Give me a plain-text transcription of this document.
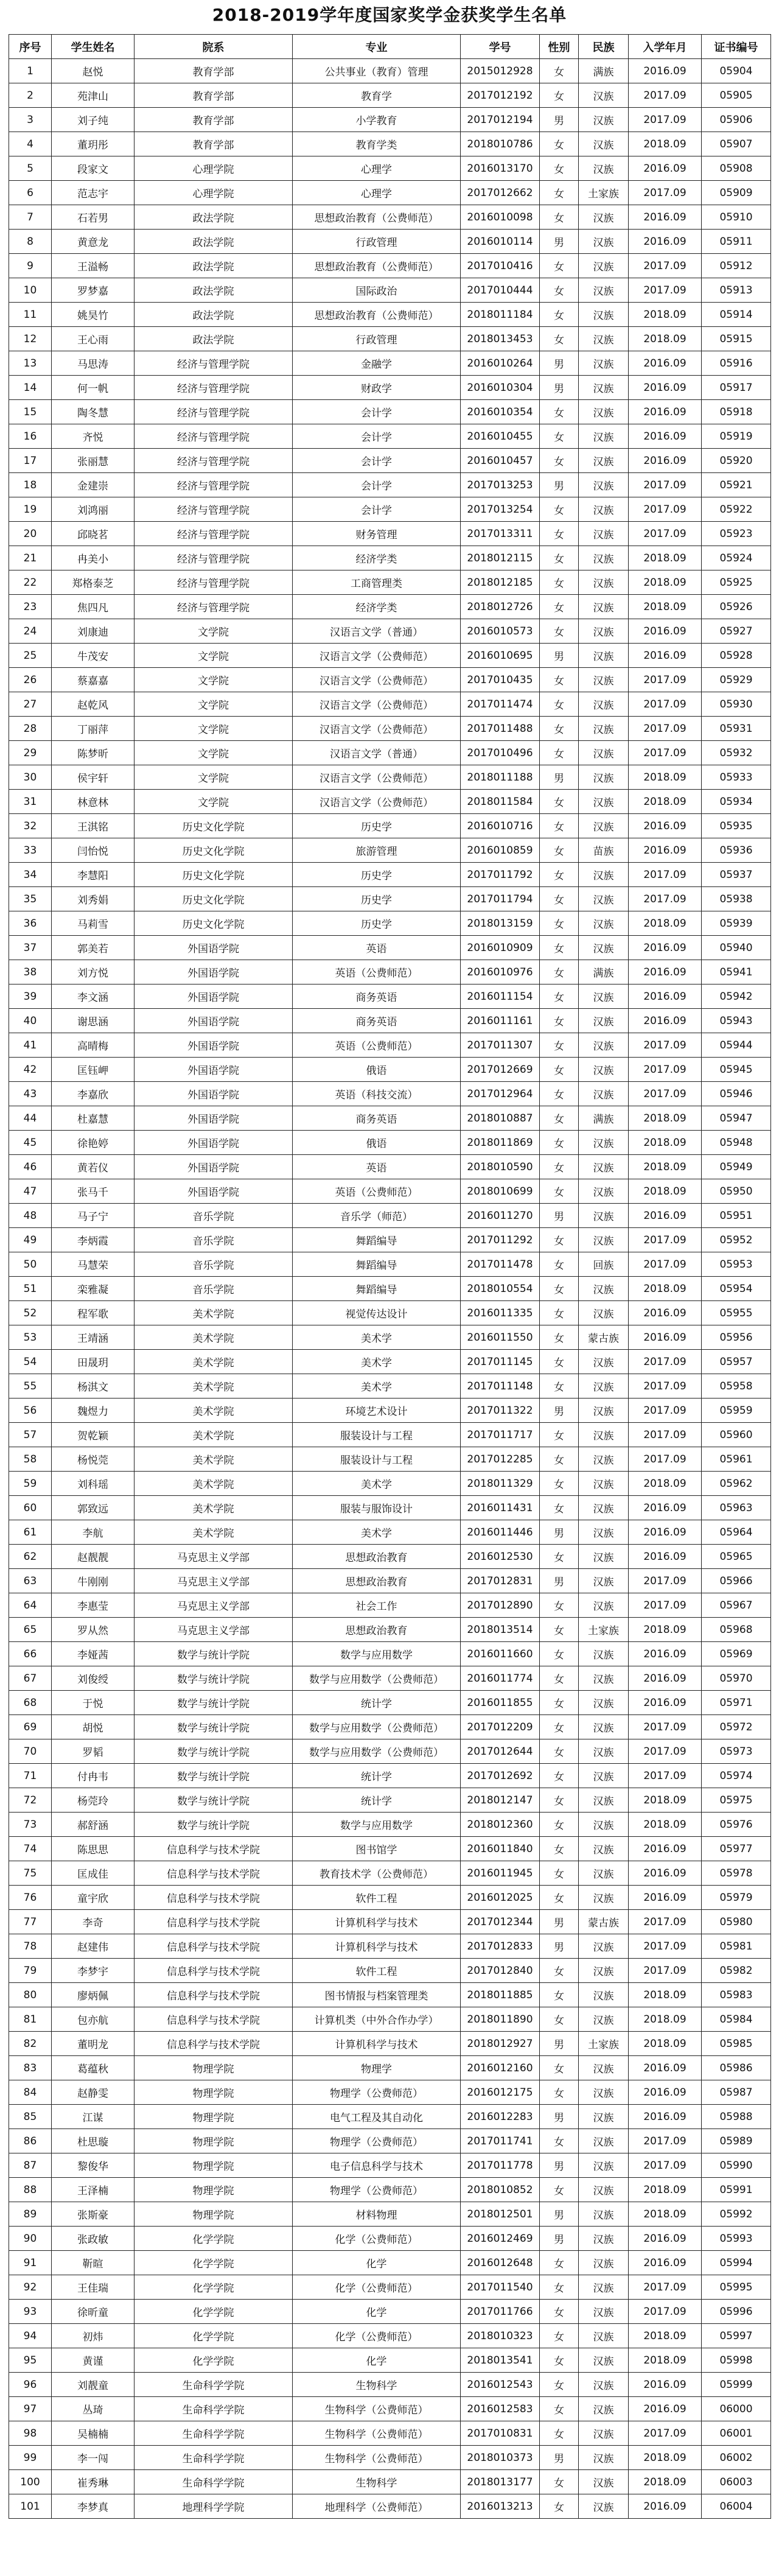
2018-2019学年度国家奖学金获奖学生名单
序号	学生姓名	院系	专业	学号	性别	民族	入学年月	证书编号
1	赵悦	教育学部	公共事业（教育）管理	2015012928	女	满族	2016.09	05904
2	苑津山	教育学部	教育学	2017012192	女	汉族	2017.09	05905
3	刘子纯	教育学部	小学教育	2017012194	男	汉族	2017.09	05906
4	董玥彤	教育学部	教育学类	2018010786	女	汉族	2018.09	05907
5	段家文	心理学院	心理学	2016013170	女	汉族	2016.09	05908
6	范志宇	心理学院	心理学	2017012662	女	土家族	2017.09	05909
7	石若男	政法学院	思想政治教育（公费师范）	2016010098	女	汉族	2016.09	05910
8	黄意龙	政法学院	行政管理	2016010114	男	汉族	2016.09	05911
9	王溢畅	政法学院	思想政治教育（公费师范）	2017010416	女	汉族	2017.09	05912
10	罗梦嘉	政法学院	国际政治	2017010444	女	汉族	2017.09	05913
11	姚昊竹	政法学院	思想政治教育（公费师范）	2018011184	女	汉族	2018.09	05914
12	王心雨	政法学院	行政管理	2018013453	女	汉族	2018.09	05915
13	马思涛	经济与管理学院	金融学	2016010264	男	汉族	2016.09	05916
14	何一帆	经济与管理学院	财政学	2016010304	男	汉族	2016.09	05917
15	陶冬慧	经济与管理学院	会计学	2016010354	女	汉族	2016.09	05918
16	齐悦	经济与管理学院	会计学	2016010455	女	汉族	2016.09	05919
17	张丽慧	经济与管理学院	会计学	2016010457	女	汉族	2016.09	05920
18	金建崇	经济与管理学院	会计学	2017013253	男	汉族	2017.09	05921
19	刘鸿丽	经济与管理学院	会计学	2017013254	女	汉族	2017.09	05922
20	邱晓茗	经济与管理学院	财务管理	2017013311	女	汉族	2017.09	05923
21	冉美小	经济与管理学院	经济学类	2018012115	女	汉族	2018.09	05924
22	郑格泰芝	经济与管理学院	工商管理类	2018012185	女	汉族	2018.09	05925
23	焦四凡	经济与管理学院	经济学类	2018012726	女	汉族	2018.09	05926
24	刘康迪	文学院	汉语言文学（普通）	2016010573	女	汉族	2016.09	05927
25	牛茂安	文学院	汉语言文学（公费师范）	2016010695	男	汉族	2016.09	05928
26	蔡嘉嘉	文学院	汉语言文学（公费师范）	2017010435	女	汉族	2017.09	05929
27	赵乾风	文学院	汉语言文学（公费师范）	2017011474	女	汉族	2017.09	05930
28	丁丽萍	文学院	汉语言文学（公费师范）	2017011488	女	汉族	2017.09	05931
29	陈梦昕	文学院	汉语言文学（普通）	2017010496	女	汉族	2017.09	05932
30	侯宇轩	文学院	汉语言文学（公费师范）	2018011188	男	汉族	2018.09	05933
31	林意林	文学院	汉语言文学（公费师范）	2018011584	女	汉族	2018.09	05934
32	王淇铭	历史文化学院	历史学	2016010716	女	汉族	2016.09	05935
33	闫怡悦	历史文化学院	旅游管理	2016010859	女	苗族	2016.09	05936
34	李慧阳	历史文化学院	历史学	2017011792	女	汉族	2017.09	05937
35	刘秀娟	历史文化学院	历史学	2017011794	女	汉族	2017.09	05938
36	马莉雪	历史文化学院	历史学	2018013159	女	汉族	2018.09	05939
37	郭美若	外国语学院	英语	2016010909	女	汉族	2016.09	05940
38	刘方悦	外国语学院	英语（公费师范）	2016010976	女	满族	2016.09	05941
39	李文涵	外国语学院	商务英语	2016011154	女	汉族	2016.09	05942
40	谢思涵	外国语学院	商务英语	2016011161	女	汉族	2016.09	05943
41	高晴梅	外国语学院	英语（公费师范）	2017011307	女	汉族	2017.09	05944
42	匡钰岬	外国语学院	俄语	2017012669	女	汉族	2017.09	05945
43	李嘉欣	外国语学院	英语（科技交流）	2017012964	女	汉族	2017.09	05946
44	杜嘉慧	外国语学院	商务英语	2018010887	女	满族	2018.09	05947
45	徐艳婷	外国语学院	俄语	2018011869	女	汉族	2018.09	05948
46	黄若仪	外国语学院	英语	2018010590	女	汉族	2018.09	05949
47	张马千	外国语学院	英语（公费师范）	2018010699	女	汉族	2018.09	05950
48	马子宁	音乐学院	音乐学（师范）	2016011270	男	汉族	2016.09	05951
49	李炳霞	音乐学院	舞蹈编导	2017011292	女	汉族	2017.09	05952
50	马慧荣	音乐学院	舞蹈编导	2017011478	女	回族	2017.09	05953
51	栾雅凝	音乐学院	舞蹈编导	2018010554	女	汉族	2018.09	05954
52	程军歌	美术学院	视觉传达设计	2016011335	女	汉族	2016.09	05955
53	王靖涵	美术学院	美术学	2016011550	女	蒙古族	2016.09	05956
54	田晟玥	美术学院	美术学	2017011145	女	汉族	2017.09	05957
55	杨淇文	美术学院	美术学	2017011148	女	汉族	2017.09	05958
56	魏煜力	美术学院	环境艺术设计	2017011322	男	汉族	2017.09	05959
57	贺乾颖	美术学院	服装设计与工程	2017011717	女	汉族	2017.09	05960
58	杨悦莞	美术学院	服装设计与工程	2017012285	女	汉族	2017.09	05961
59	刘科瑶	美术学院	美术学	2018011329	女	汉族	2018.09	05962
60	郭致远	美术学院	服装与服饰设计	2016011431	女	汉族	2016.09	05963
61	李航	美术学院	美术学	2016011446	男	汉族	2016.09	05964
62	赵靓靓	马克思主义学部	思想政治教育	2016012530	女	汉族	2016.09	05965
63	牛刚刚	马克思主义学部	思想政治教育	2017012831	男	汉族	2017.09	05966
64	李惠莹	马克思主义学部	社会工作	2017012890	女	汉族	2017.09	05967
65	罗从然	马克思主义学部	思想政治教育	2018013514	女	土家族	2018.09	05968
66	李娅茜	数学与统计学院	数学与应用数学	2016011660	女	汉族	2016.09	05969
67	刘俊绶	数学与统计学院	数学与应用数学（公费师范）	2016011774	女	汉族	2016.09	05970
68	于悦	数学与统计学院	统计学	2016011855	女	汉族	2016.09	05971
69	胡悦	数学与统计学院	数学与应用数学（公费师范）	2017012209	女	汉族	2017.09	05972
70	罗韬	数学与统计学院	数学与应用数学（公费师范）	2017012644	女	汉族	2017.09	05973
71	付冉韦	数学与统计学院	统计学	2017012692	女	汉族	2017.09	05974
72	杨莞玲	数学与统计学院	统计学	2018012147	女	汉族	2018.09	05975
73	郝舒涵	数学与统计学院	数学与应用数学	2018012360	女	汉族	2018.09	05976
74	陈思思	信息科学与技术学院	图书馆学	2016011840	女	汉族	2016.09	05977
75	匡成佳	信息科学与技术学院	教育技术学（公费师范）	2016011945	女	汉族	2016.09	05978
76	童宇欣	信息科学与技术学院	软件工程	2016012025	女	汉族	2016.09	05979
77	李奇	信息科学与技术学院	计算机科学与技术	2017012344	男	蒙古族	2017.09	05980
78	赵建伟	信息科学与技术学院	计算机科学与技术	2017012833	男	汉族	2017.09	05981
79	李梦宇	信息科学与技术学院	软件工程	2017012840	女	汉族	2017.09	05982
80	廖炳佩	信息科学与技术学院	图书情报与档案管理类	2018011885	女	汉族	2018.09	05983
81	包亦航	信息科学与技术学院	计算机类（中外合作办学）	2018011890	女	汉族	2018.09	05984
82	董明龙	信息科学与技术学院	计算机科学与技术	2018012927	男	土家族	2018.09	05985
83	葛蕴秋	物理学院	物理学	2016012160	女	汉族	2016.09	05986
84	赵静雯	物理学院	物理学（公费师范）	2016012175	女	汉族	2016.09	05987
85	江谋	物理学院	电气工程及其自动化	2016012283	男	汉族	2016.09	05988
86	杜思璇	物理学院	物理学（公费师范）	2017011741	女	汉族	2017.09	05989
87	黎俊华	物理学院	电子信息科学与技术	2017011778	男	汉族	2017.09	05990
88	王泽楠	物理学院	物理学（公费师范）	2018010852	女	汉族	2018.09	05991
89	张斯豪	物理学院	材料物理	2018012501	男	汉族	2018.09	05992
90	张政敏	化学学院	化学（公费师范）	2016012469	男	汉族	2016.09	05993
91	靳暄	化学学院	化学	2016012648	女	汉族	2016.09	05994
92	王佳瑞	化学学院	化学（公费师范）	2017011540	女	汉族	2017.09	05995
93	徐昕童	化学学院	化学	2017011766	女	汉族	2017.09	05996
94	初炜	化学学院	化学（公费师范）	2018010323	女	汉族	2018.09	05997
95	黄谨	化学学院	化学	2018013541	女	汉族	2018.09	05998
96	刘靓童	生命科学学院	生物科学	2016012543	女	汉族	2016.09	05999
97	丛琦	生命科学学院	生物科学（公费师范）	2016012583	女	汉族	2016.09	06000
98	吴楠楠	生命科学学院	生物科学（公费师范）	2017010831	女	汉族	2017.09	06001
99	李一闯	生命科学学院	生物科学（公费师范）	2018010373	男	汉族	2018.09	06002
100	崔秀琳	生命科学学院	生物科学	2018013177	女	汉族	2018.09	06003
101	李梦真	地理科学学院	地理科学（公费师范）	2016013213	女	汉族	2016.09	06004
